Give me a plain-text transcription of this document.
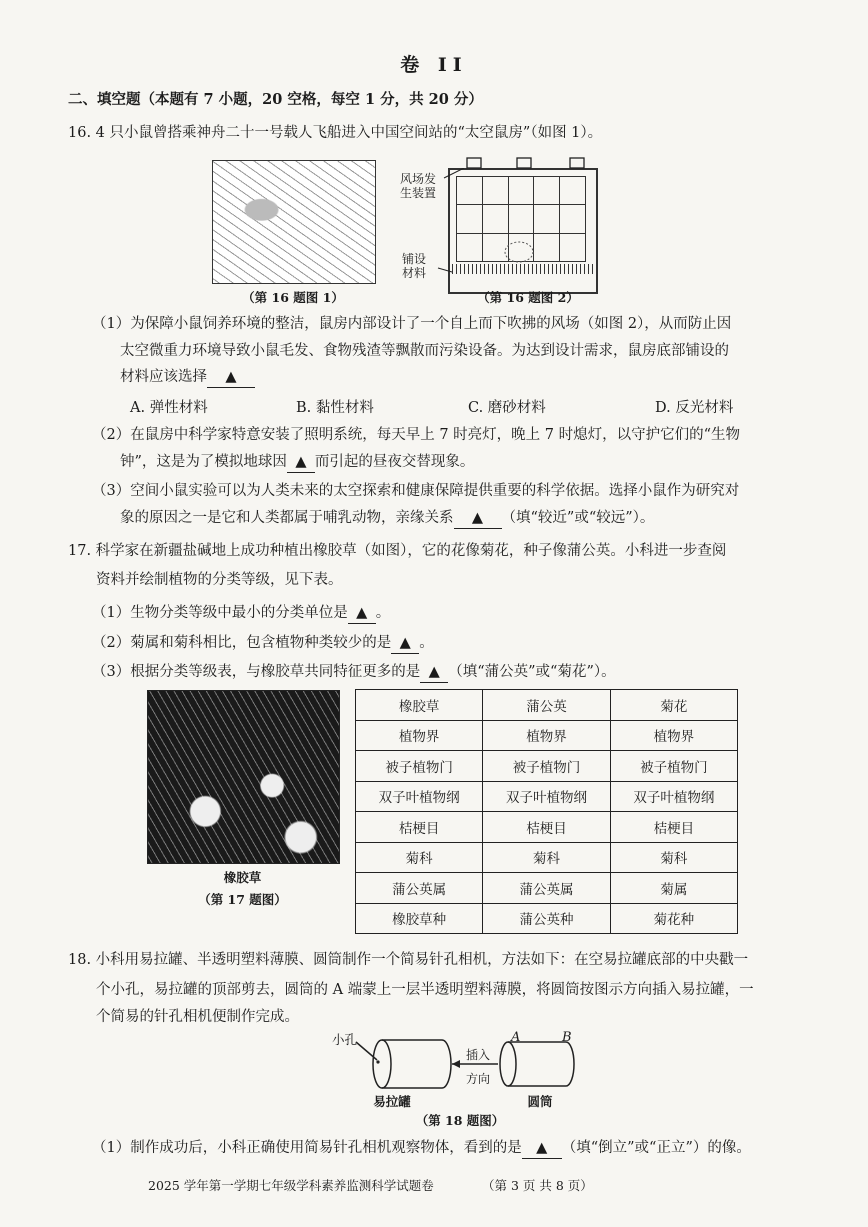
卷 II
二、填空题（本题有 7 小题，20 空格，每空 1 分，共 20 分）
16. 4 只小鼠曾搭乘神舟二十一号载人飞船进入中国空间站的“太空鼠房”（如图 1）。
（第 16 题图 1）

风场发
生装置
铺设
材料
（第 16 题图 2）
（1）为保障小鼠饲养环境的整洁，鼠房内部设计了一个自上而下吹拂的风场（如图 2），从而防止因
太空微重力环境导致小鼠毛发、食物残渣等飘散而污染设备。为达到设计需求，鼠房底部铺设的
材料应该选择 ▲
A. 弹性材料	B. 黏性材料	C. 磨砂材料	D. 反光材料
（2）在鼠房中科学家特意安装了照明系统，每天早上 7 时亮灯，晚上 7 时熄灯，以守护它们的“生物
钟”，这是为了模拟地球因 ▲ 而引起的昼夜交替现象。
（3）空间小鼠实验可以为人类未来的太空探索和健康保障提供重要的科学依据。选择小鼠作为研究对
象的原因之一是它和人类都属于哺乳动物，亲缘关系 ▲ （填“较近”或“较远”）。
17. 科学家在新疆盐碱地上成功种植出橡胶草（如图），它的花像菊花，种子像蒲公英。小科进一步查阅
资料并绘制植物的分类等级，见下表。
（1）生物分类等级中最小的分类单位是 ▲ 。
（2）菊属和菊科相比，包含植物种类较少的是 ▲ 。
（3）根据分类等级表，与橡胶草共同特征更多的是 ▲ （填“蒲公英”或“菊花”）。
橡胶草
（第 17 题图）
橡胶草	蒲公英	菊花
植物界	植物界	植物界
被子植物门	被子植物门	被子植物门
双子叶植物纲	双子叶植物纲	双子叶植物纲
桔梗目	桔梗目	桔梗目
菊科	菊科	菊科
蒲公英属	蒲公英属	菊属
橡胶草种	蒲公英种	菊花种
18. 小科用易拉罐、半透明塑料薄膜、圆筒制作一个简易针孔相机，方法如下：在空易拉罐底部的中央戳一
个小孔，易拉罐的顶部剪去，圆筒的 A 端蒙上一层半透明塑料薄膜，将圆筒按图示方向插入易拉罐，一
个简易的针孔相机便制作完成。
小孔
插入
方向
A	B
易拉罐	圆筒
（第 18 题图）
（1）制作成功后，小科正确使用简易针孔相机观察物体，看到的是 ▲ （填“倒立”或“正立”）的像。
2025 学年第一学期七年级学科素养监测科学试题卷	（第 3 页 共 8 页）
